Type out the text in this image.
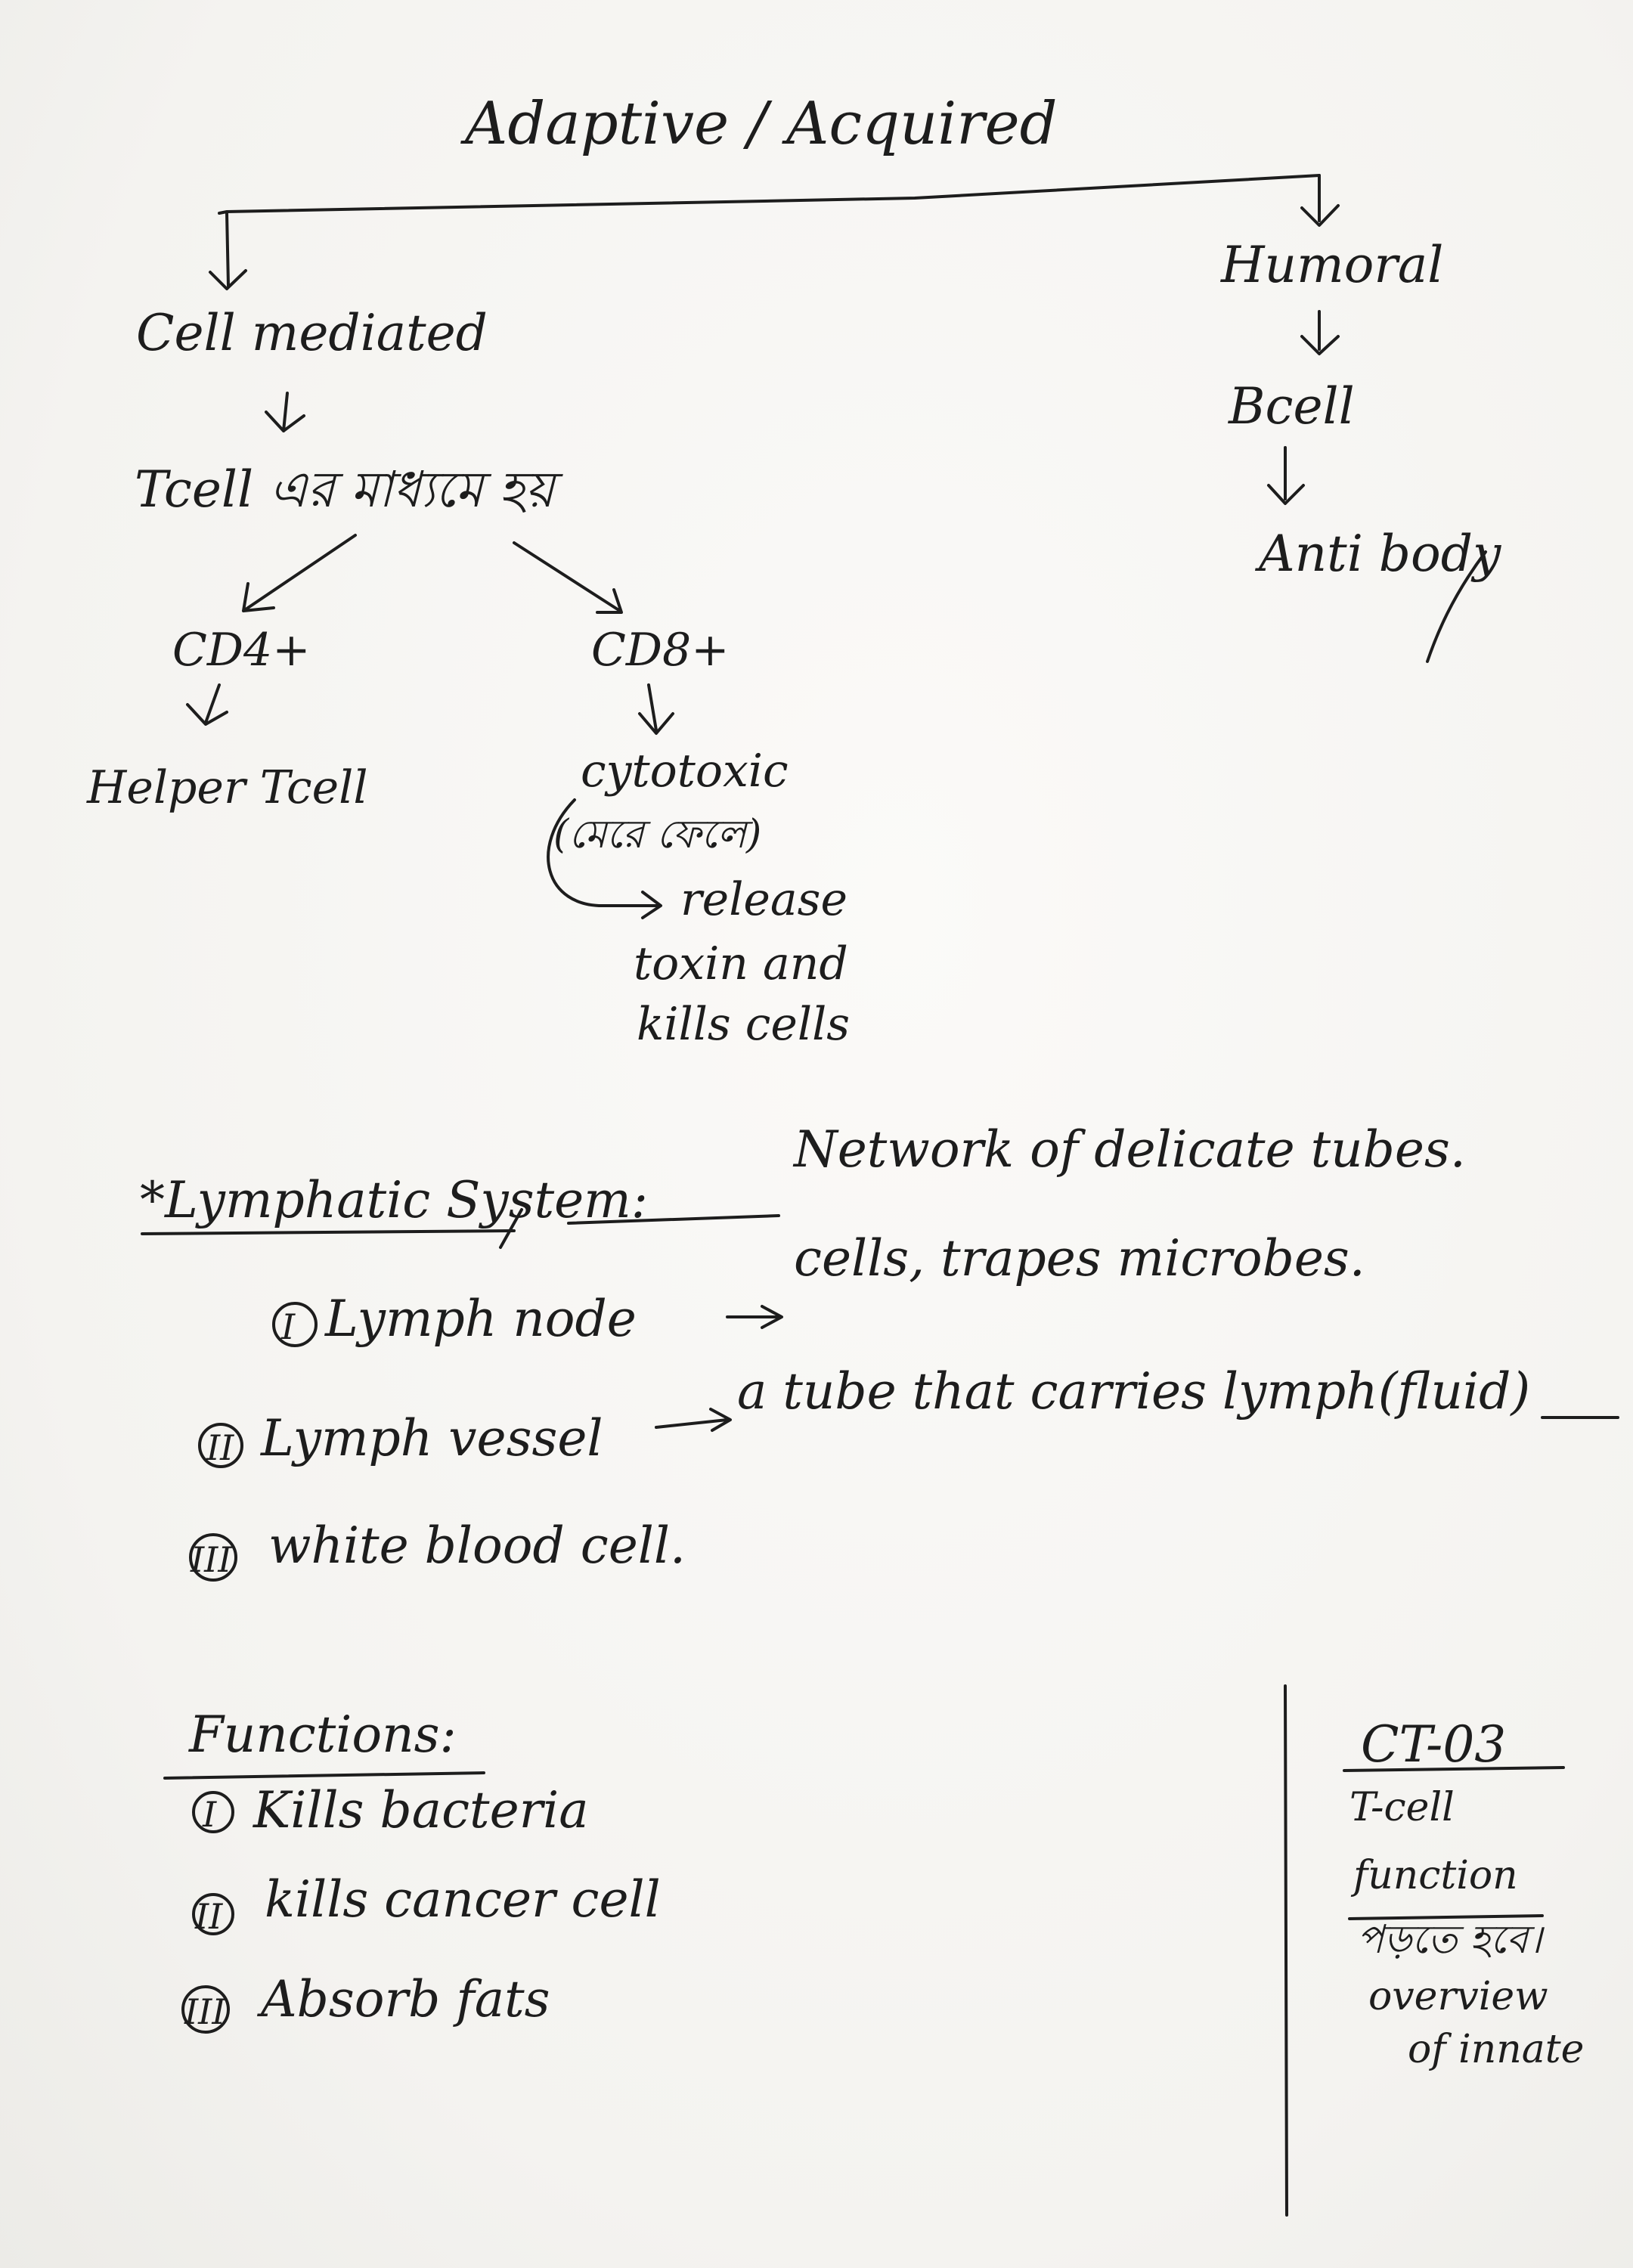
Adaptive / Acquired
Cell mediated
Tcell এর মাধ্যমে হয়
CD4+
Helper Tcell
CD8+
cytotoxic
(মেরে ফেলে)
release
toxin and
kills cells
Humoral
Bcell
Anti body
*Lymphatic System:
Network of delicate tubes.
I Lymph node
cells, trapes microbes.
II Lymph vessel
a tube that carries lymph(fluid)
III white blood cell.
Functions:
I Kills bacteria
II kills cancer cell
III Absorb fats
CT-03
T-cell
function
পড়তে হবে।
overview
of innate
